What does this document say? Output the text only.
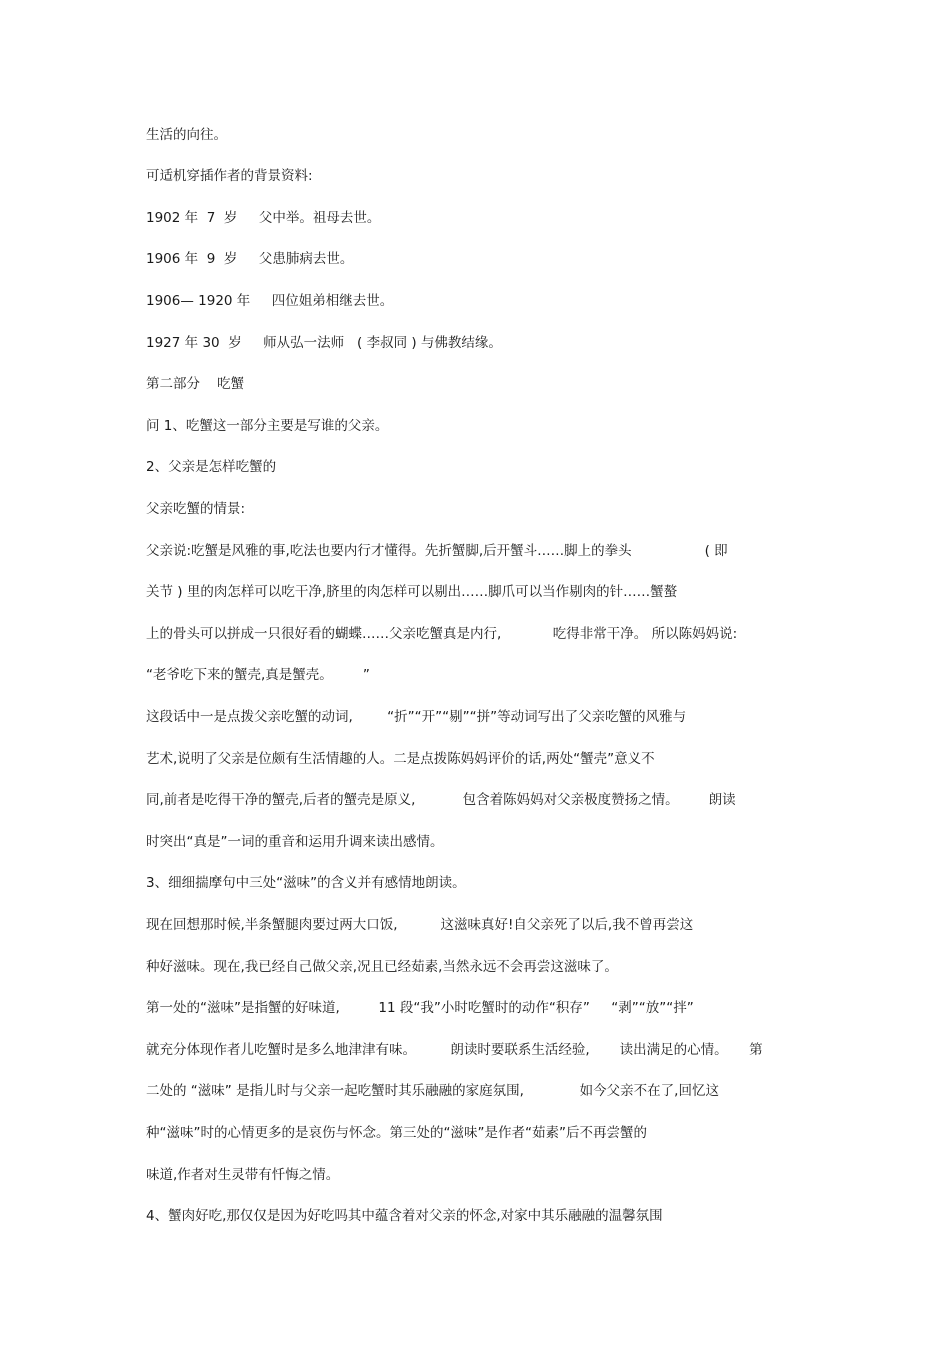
生活的向往。

可适机穿插作者的背景资料:

1902 年  7  岁     父中举。祖母去世。

1906 年  9  岁     父患肺病去世。

1906— 1920 年     四位姐弟相继去世。

1927 年 30  岁     师从弘一法师   ( 李叔同 ) 与佛教结缘。

第二部分    吃蟹

问 1、吃蟹这一部分主要是写谁的父亲。

2、父亲是怎样吃蟹的

父亲吃蟹的情景:

父亲说:吃蟹是风雅的事,吃法也要内行才懂得。先折蟹脚,后开蟹斗……脚上的拳头                 ( 即

关节 ) 里的肉怎样可以吃干净,脐里的肉怎样可以剔出……脚爪可以当作剔肉的针……蟹螯

上的骨头可以拼成一只很好看的蝴蝶……父亲吃蟹真是内行,            吃得非常干净。 所以陈妈妈说:

“老爷吃下来的蟹壳,真是蟹壳。       ”

这段话中一是点拨父亲吃蟹的动词,        “折”“开”“剔”“拼”等动词写出了父亲吃蟹的风雅与

艺术,说明了父亲是位颇有生活情趣的人。二是点拨陈妈妈评价的话,两处“蟹壳”意义不

同,前者是吃得干净的蟹壳,后者的蟹壳是原义,           包含着陈妈妈对父亲极度赞扬之情。       朗读

时突出“真是”一词的重音和运用升调来读出感情。

3、细细揣摩句中三处“滋味”的含义并有感情地朗读。

现在回想那时候,半条蟹腿肉要过两大口饭,          这滋味真好!自父亲死了以后,我不曾再尝这

种好滋味。现在,我已经自己做父亲,况且已经茹素,当然永远不会再尝这滋味了。

第一处的“滋味”是指蟹的好味道,         11 段“我”小时吃蟹时的动作“积存”     “剥”“放”“拌”

就充分体现作者儿吃蟹时是多么地津津有味。        朗读时要联系生活经验,       读出满足的心情。     第

二处的 “滋味” 是指儿时与父亲一起吃蟹时其乐融融的家庭氛围,             如今父亲不在了,回忆这

种“滋味”时的心情更多的是哀伤与怀念。第三处的“滋味”是作者“茹素”后不再尝蟹的

味道,作者对生灵带有忏悔之情。

4、蟹肉好吃,那仅仅是因为好吃吗其中蕴含着对父亲的怀念,对家中其乐融融的温馨氛围
